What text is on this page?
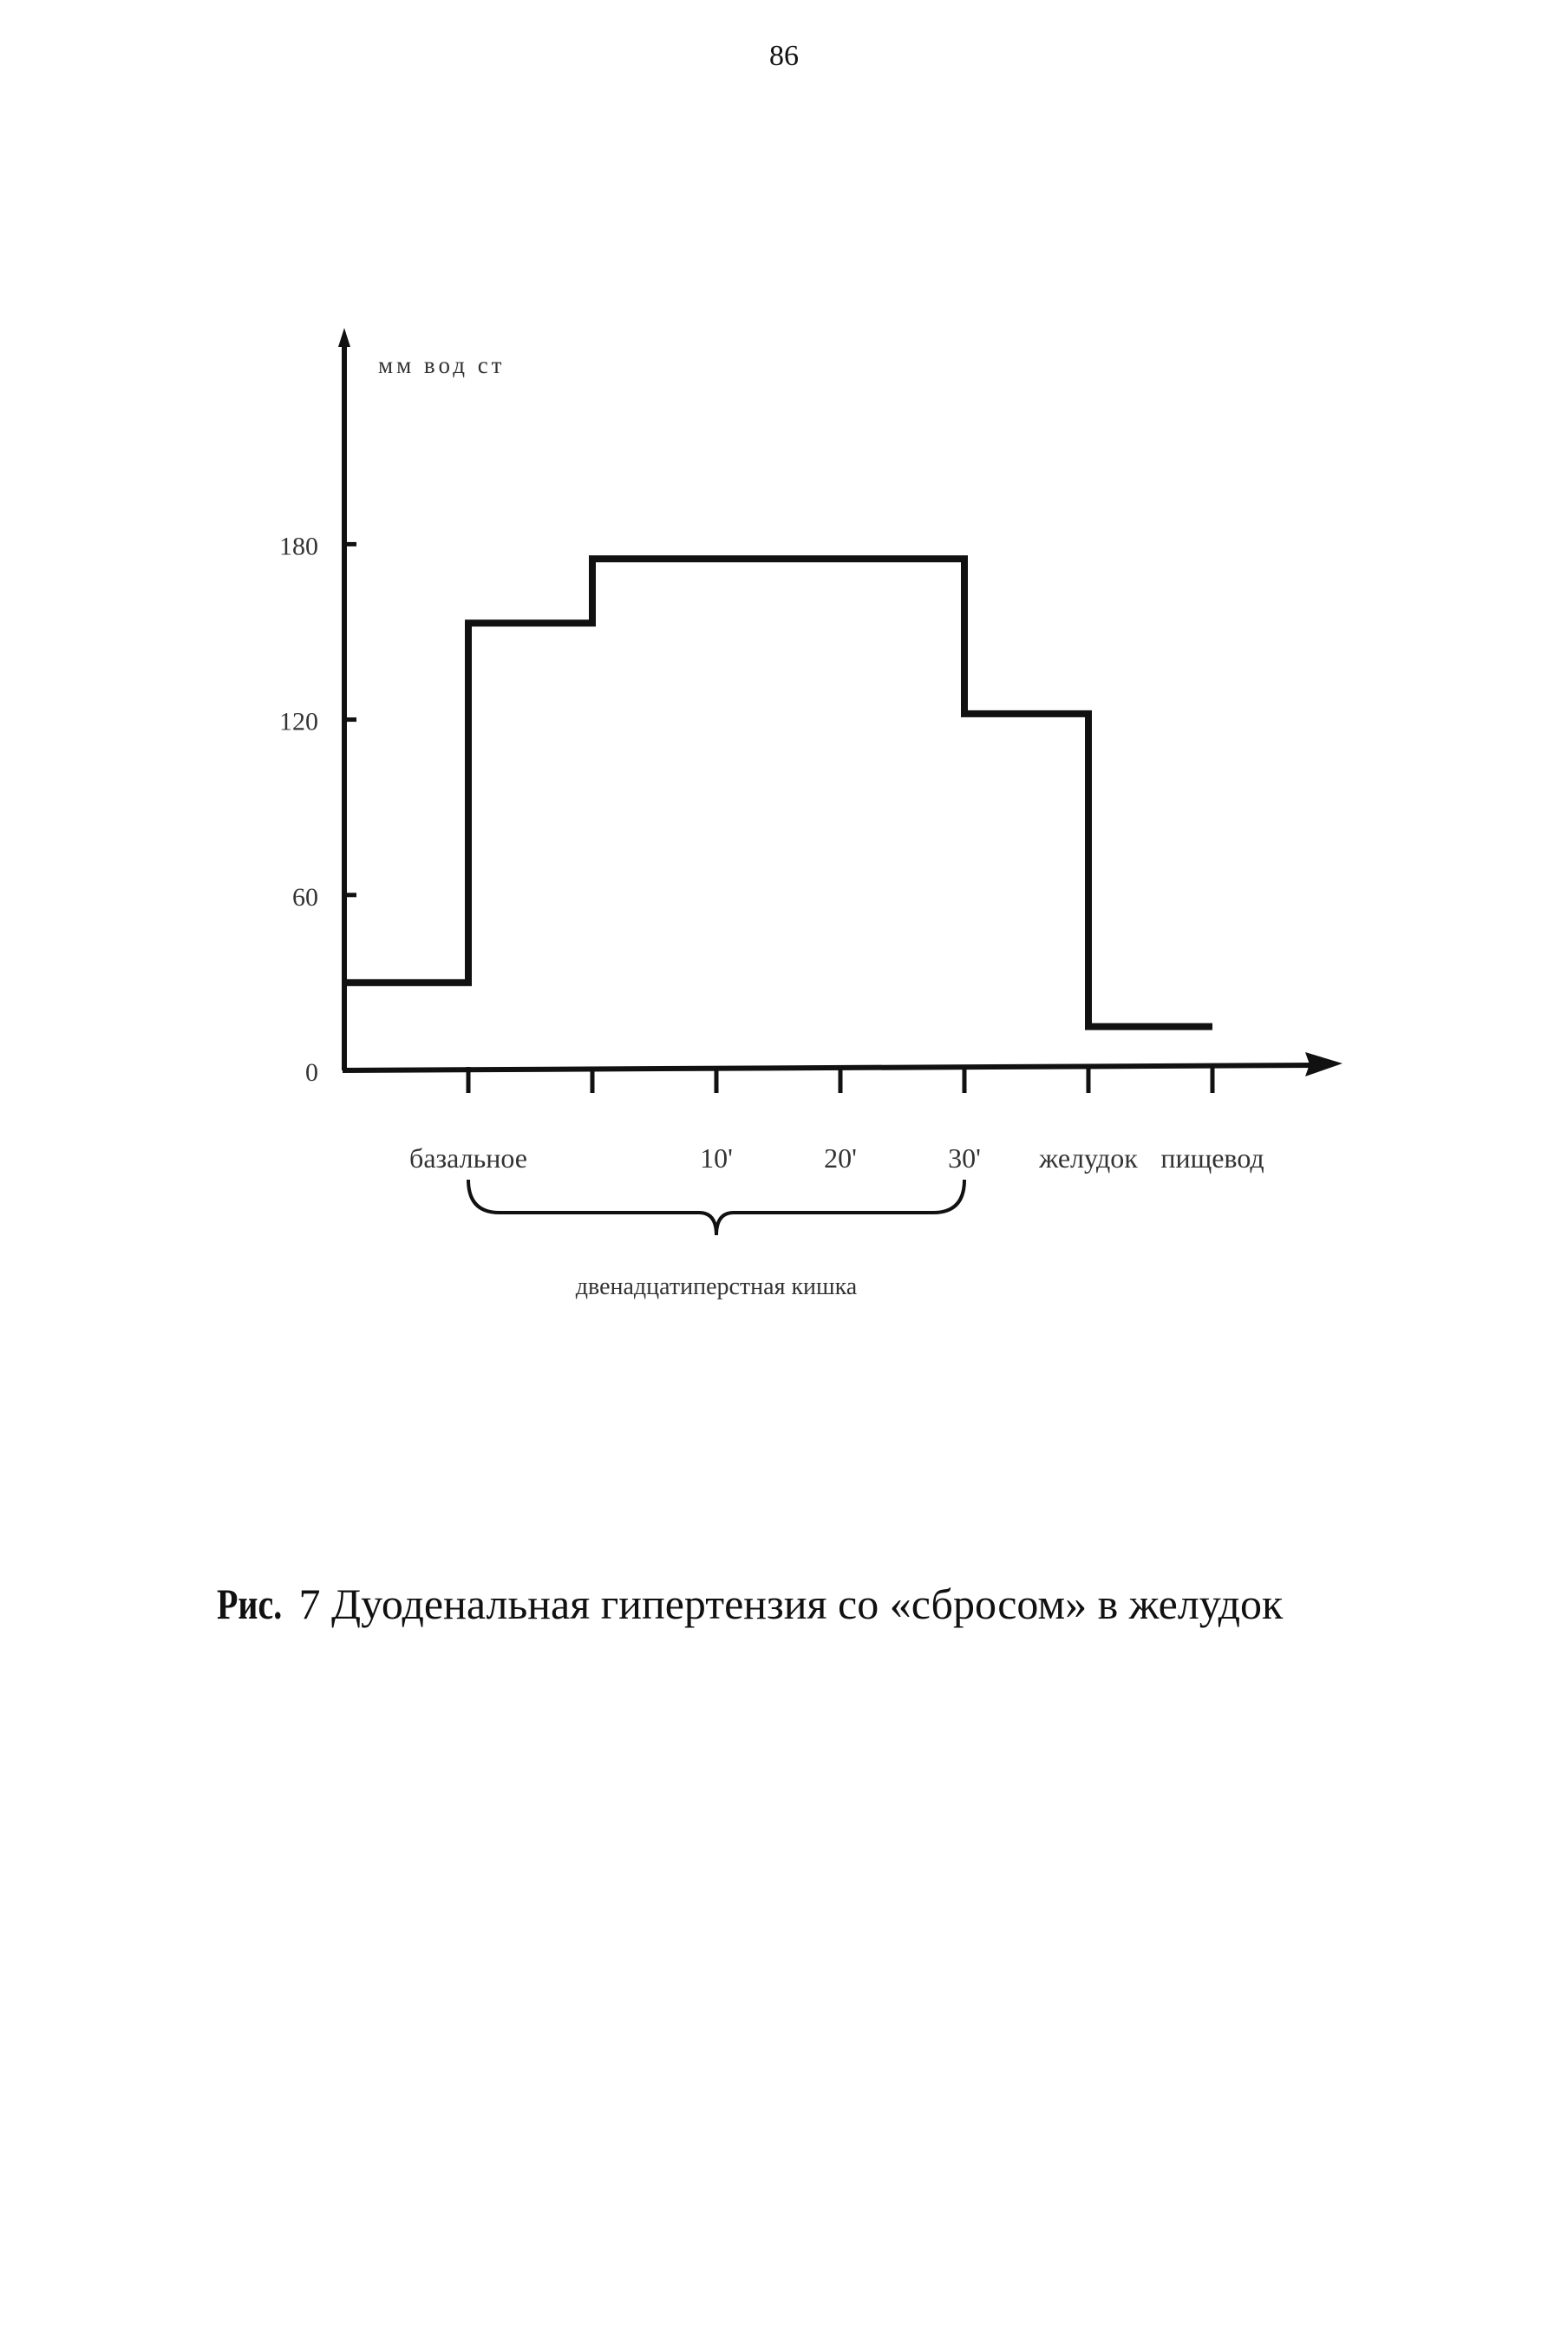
86
мм вод ст
0
60
120
180
базальное	10'	20'	30' желудок пищевод
двенадцатиперстная кишка
Рис. 7 Дуоденальная гипертензия со «сбросом» в желудок
